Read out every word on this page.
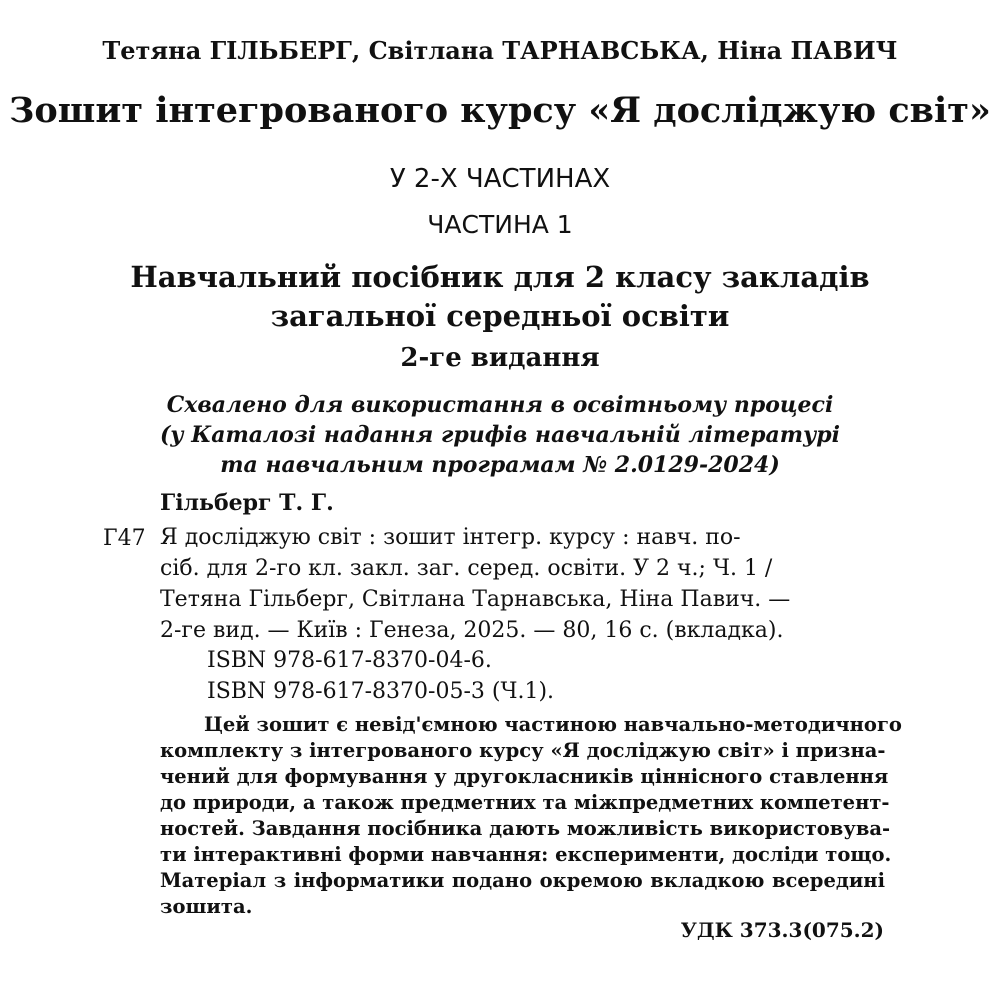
Тетяна ГІЛЬБЕРГ, Світлана ТАРНАВСЬКА, Ніна ПАВИЧ
Зошит інтегрованого курсу «Я досліджую світ»
У 2-Х ЧАСТИНАХ
ЧАСТИНА 1
Навчальний посібник для 2 класу закладів
загальної середньої освіти
2-ге видання
Схвалено для використання в освітньому процесі
(у Каталозі надання грифів навчальній літературі
та навчальним програмам № 2.0129-2024)
Гільберг Т. Г.
Г47 Я досліджую світ : зошит інтегр. курсу : навч. по-
сіб. для 2-го кл. закл. заг. серед. освіти. У 2 ч.; Ч. 1 /
Тетяна Гільберг, Світлана Тарнавська, Ніна Павич. —
2-ге вид. — Київ : Генеза, 2025. — 80, 16 с. (вкладка).
ISBN 978-617-8370-04-6.
ISBN 978-617-8370-05-3 (Ч.1).
Цей зошит є невід'ємною частиною навчально-методичного
комплекту з інтегрованого курсу «Я досліджую світ» і призна-
чений для формування у другокласників ціннісного ставлення
до природи, а також предметних та міжпредметних компетент-
ностей. Завдання посібника дають можливість використовува-
ти інтерактивні форми навчання: експерименти, досліди тощо.
Матеріал з інформатики подано окремою вкладкою всередині
зошита.
УДК 373.3(075.2)
